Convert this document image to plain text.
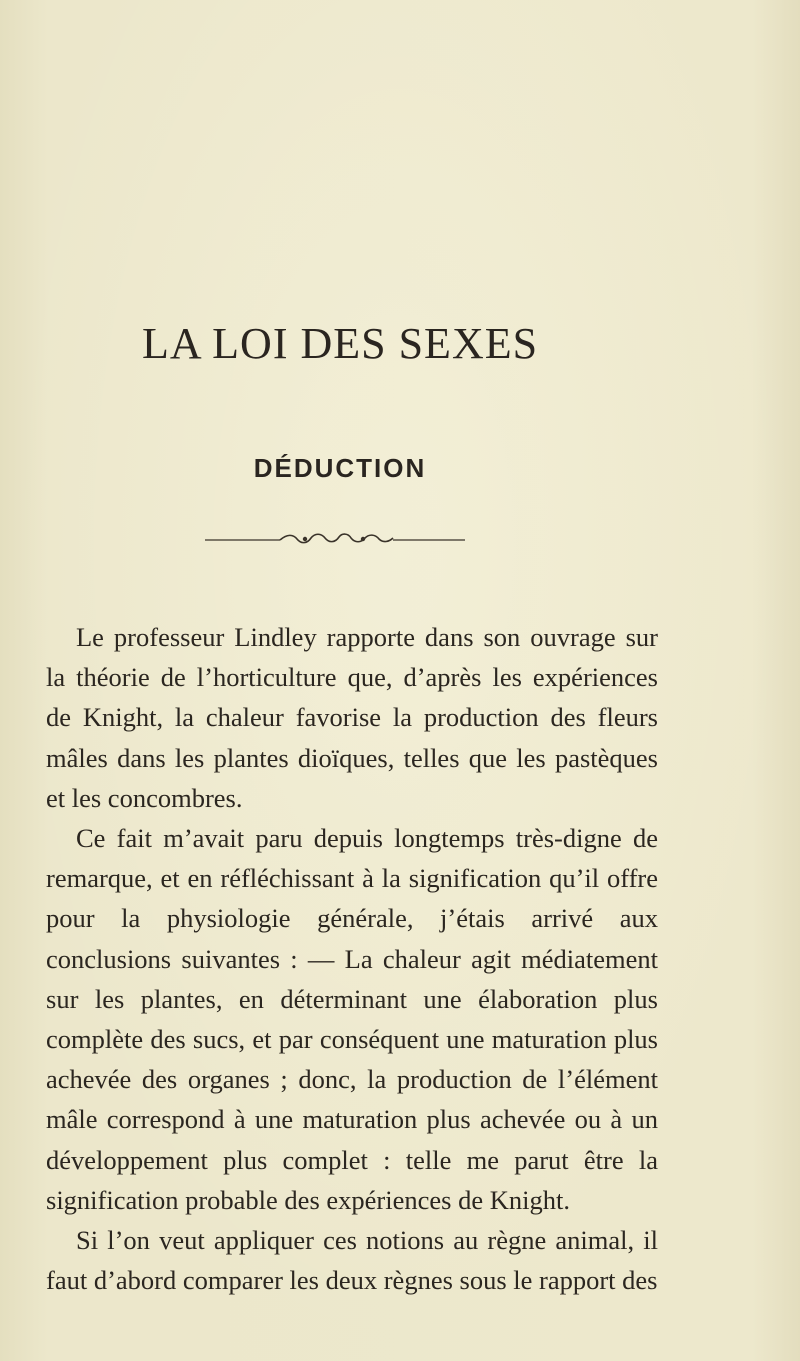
LA LOI DES SEXES
DÉDUCTION

Le professeur Lindley rapporte dans son ouvrage sur la théorie de l’horticulture que, d’après les expériences de Knight, la chaleur favorise la production des fleurs mâles dans les plantes dioïques, telles que les pastèques et les concombres.

Ce fait m’avait paru depuis longtemps très-digne de remarque, et en réfléchissant à la signification qu’il offre pour la physiologie générale, j’étais arrivé aux conclusions suivantes : — La chaleur agit médiatement sur les plantes, en déterminant une élaboration plus complète des sucs, et par conséquent une maturation plus achevée des organes ; donc, la production de l’élément mâle correspond à une maturation plus achevée ou à un développement plus complet : telle me parut être la signification probable des expériences de Knight.

Si l’on veut appliquer ces notions au règne animal, il faut d’abord comparer les deux règnes sous le rapport des
